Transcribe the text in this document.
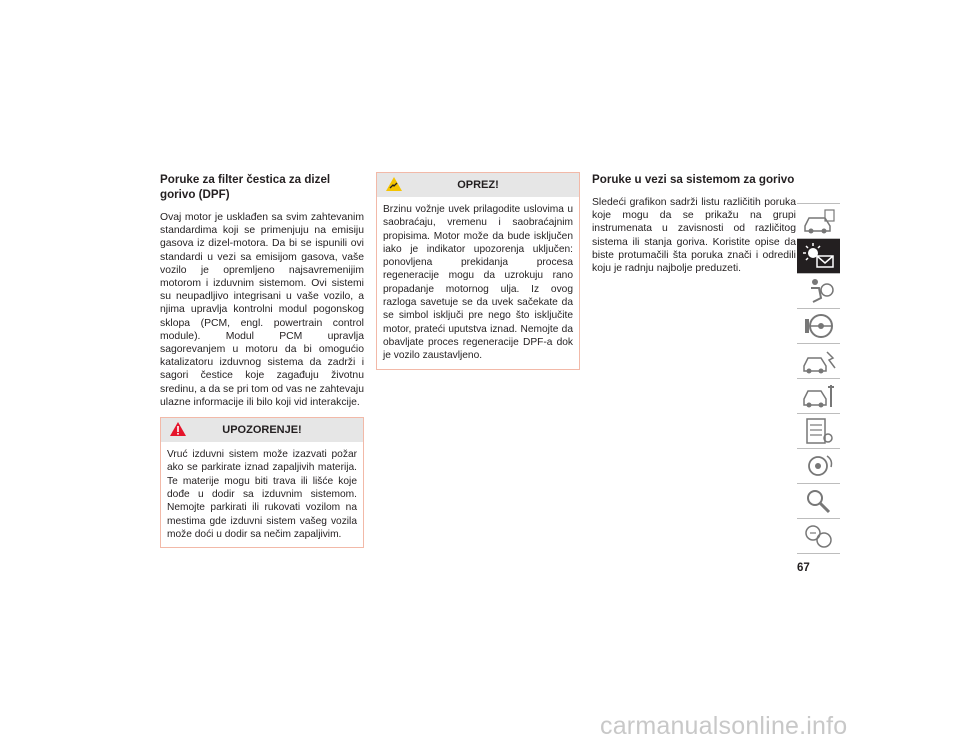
Poruke za filter čestica za dizel gorivo (DPF)

Ovaj motor je usklađen sa svim zahtevanim standardima koji se primenjuju na emisiju gasova iz dizel-motora. Da bi se ispunili ovi standardi u vezi sa emisijom gasova, vaše vozilo je opremljeno najsavremenijim motorom i izduvnim sistemom. Ovi sistemi su neupadljivo integrisani u vaše vozilo, a njima upravlja kontrolni modul pogonskog sklopa (PCM, engl. powertrain control module). Modul PCM upravlja sagorevanjem u motoru da bi omogućio katalizatoru izduvnog sistema da zadrži i sagori čestice koje zagađuju životnu sredinu, a da se pri tom od vas ne zahtevaju ulazne informacije ili bilo koji vid interakcije.

UPOZORENJE!

Vruć izduvni sistem može izazvati požar ako se parkirate iznad zapaljivih materija. Te materije mogu biti trava ili lišće koje dođe u dodir sa izduvnim sistemom. Nemojte parkirati ili rukovati vozilom na mestima gde izduvni sistem vašeg vozila može doći u dodir sa nečim zapaljivim.

OPREZ!

Brzinu vožnje uvek prilagodite uslovima u saobraćaju, vremenu i saobraćajnim propisima. Motor može da bude isključen iako je indikator upozorenja uključen: ponovljena prekidanja procesa regeneracije mogu da uzrokuju rano propadanje motornog ulja. Iz ovog razloga savetuje se da uvek sačekate da se simbol isključi pre nego što isključite motor, prateći uputstva iznad. Nemojte da obavljate proces regeneracije DPF-a dok je vozilo zaustavljeno.

Poruke u vezi sa sistemom za gorivo

Sledeći grafikon sadrži listu različitih poruka koje mogu da se prikažu na grupi instrumenata u zavisnosti od različitog sistema ili stanja goriva. Koristite opise da biste protumačili šta poruka znači i odredili koju je radnju najbolje preduzeti.

67
carmanualsonline.info
